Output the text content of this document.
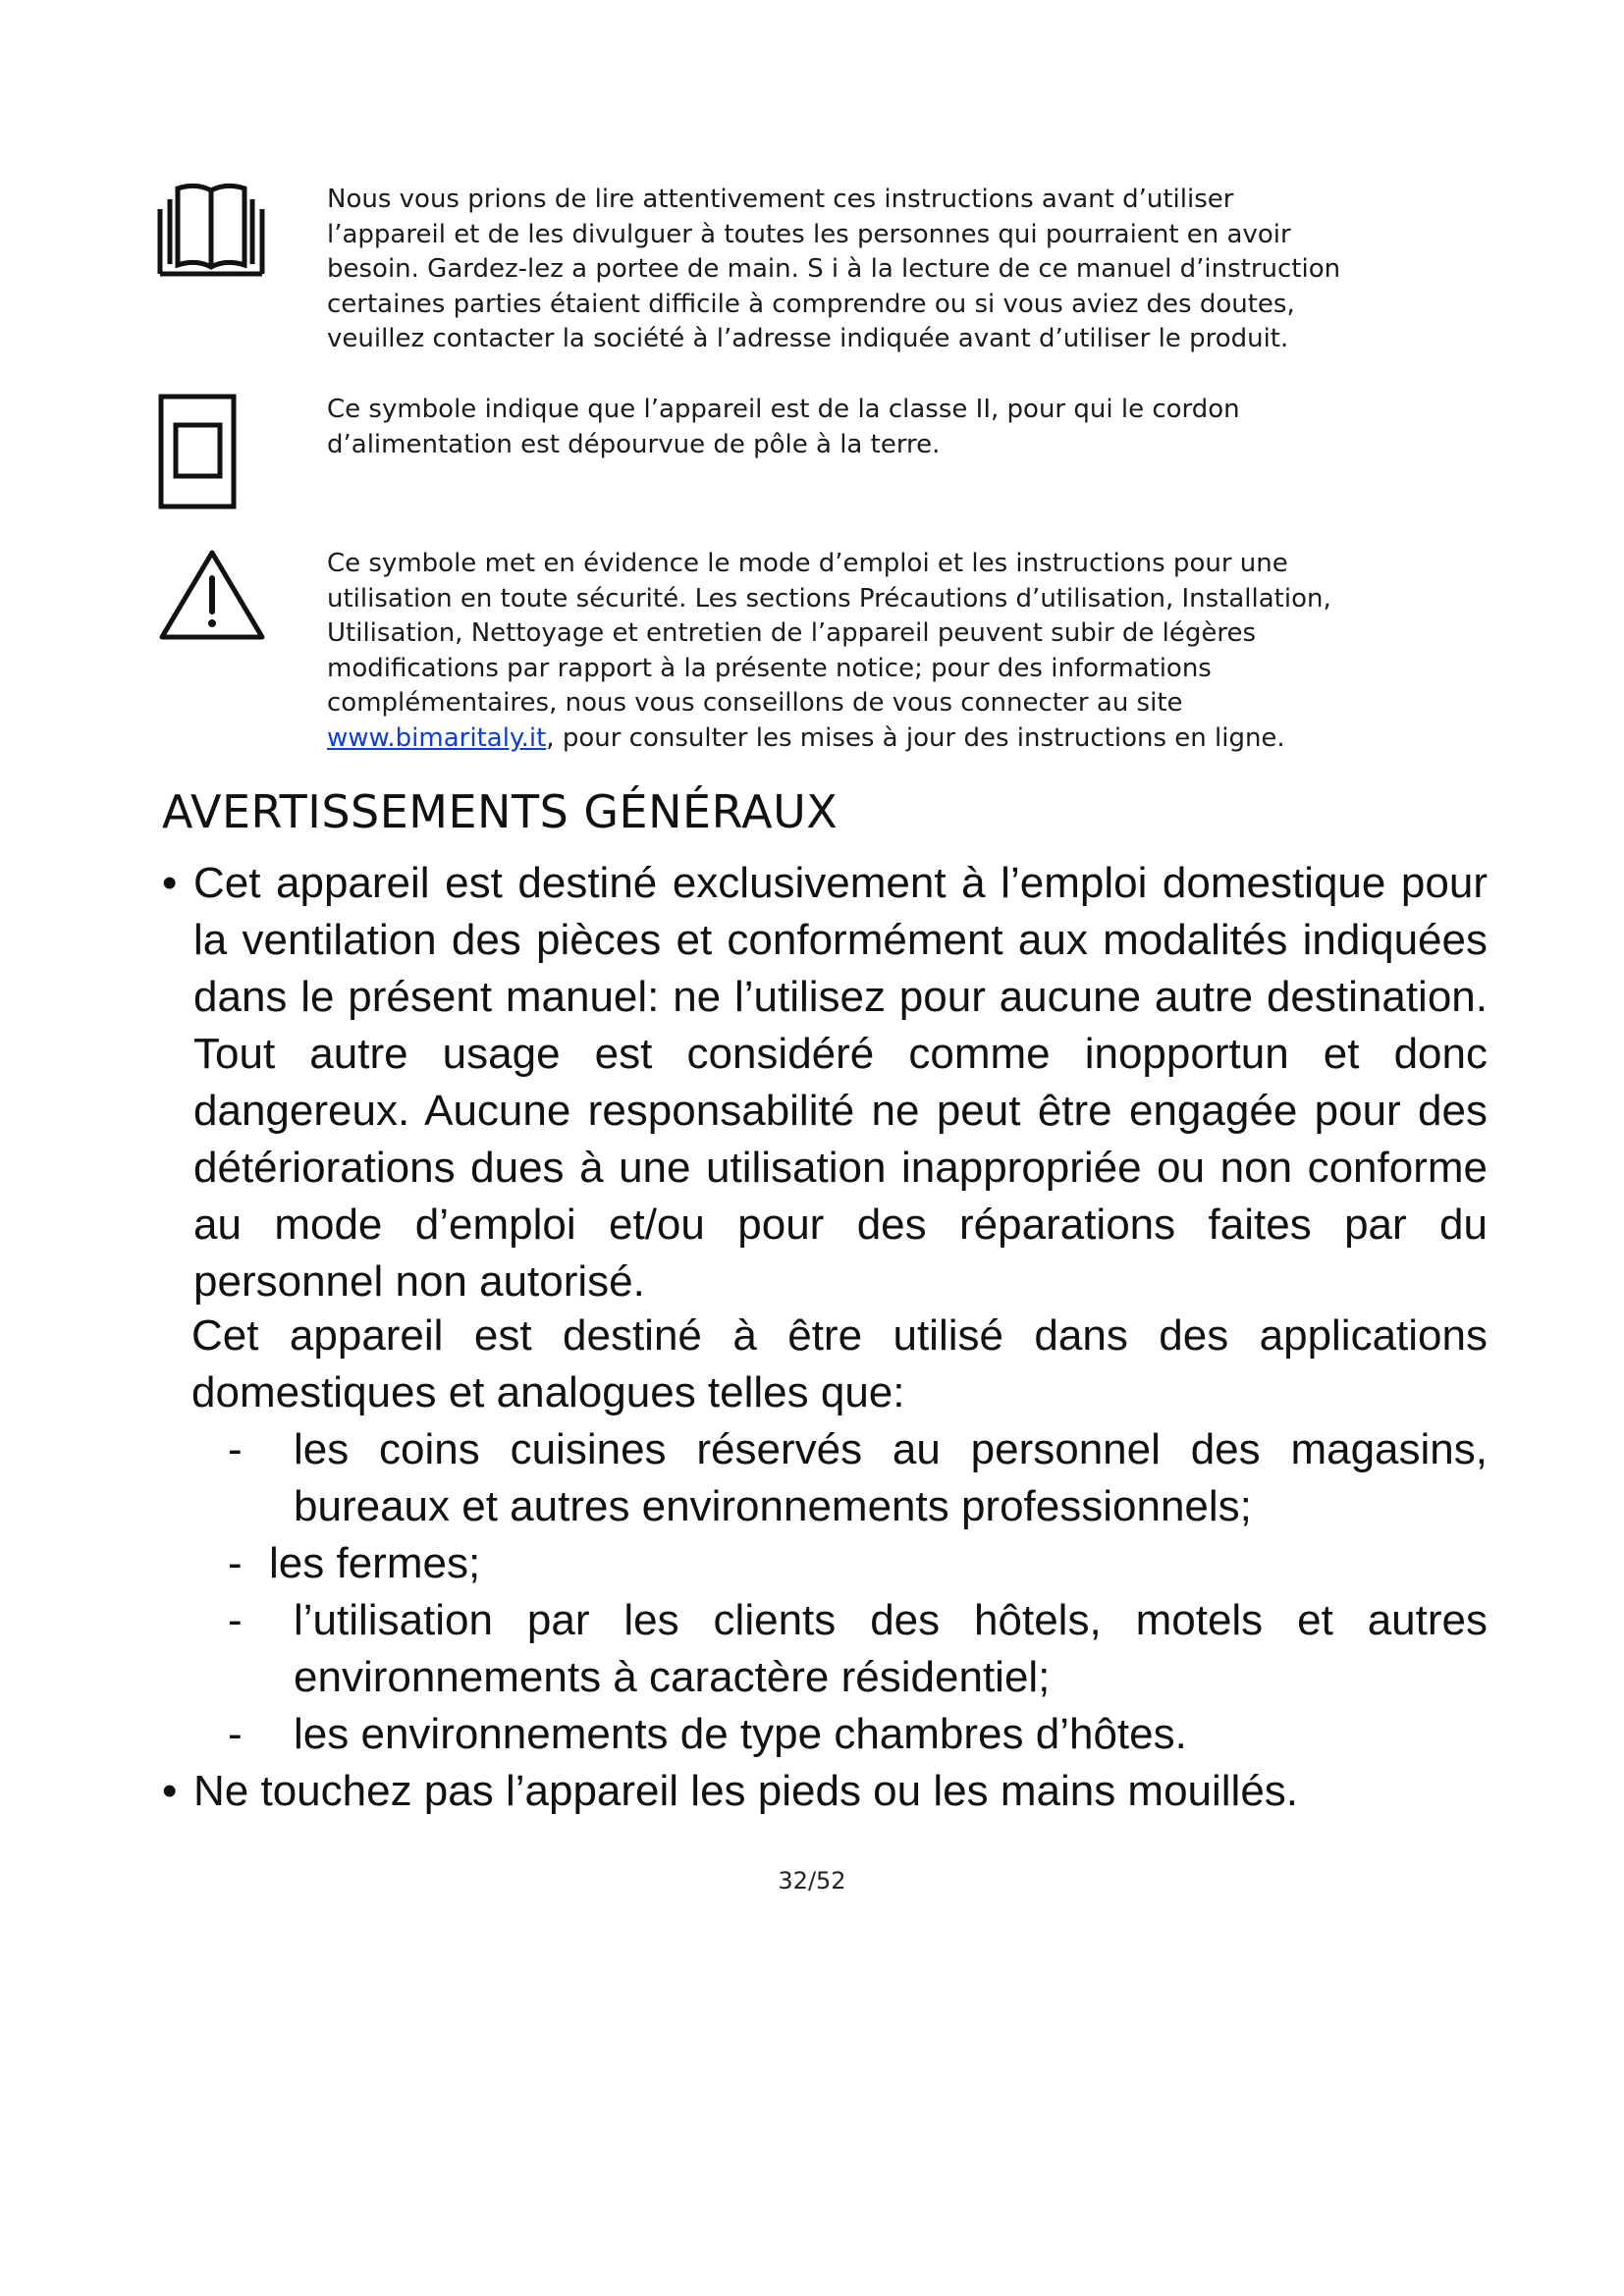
Nous vous prions de lire attentivement ces instructions avant d’utiliser

l’appareil et de les divulguer à toutes les personnes qui pourraient en avoir

besoin. Gardez-lez a portee de main. S i à la lecture de ce manuel d’instruction

certaines parties étaient difficile à comprendre ou si vous aviez des doutes,

veuillez contacter la société à l’adresse indiquée avant d’utiliser le produit.

Ce symbole indique que l’appareil est de la classe II, pour qui le cordon

d’alimentation est dépourvue de pôle à la terre.

Ce symbole met en évidence le mode d’emploi et les instructions pour une

utilisation en toute sécurité. Les sections Précautions d’utilisation, Installation,

Utilisation, Nettoyage et entretien de l’appareil peuvent subir de légères

modifications par rapport à la présente notice; pour des informations

complémentaires, nous vous conseillons de vous connecter au site

www.bimaritaly.it, pour consulter les mises à jour des instructions en ligne.

AVERTISSEMENTS GÉNÉRAUX
• Cet appareil est destiné exclusivement à l’emploi domestique pour la ventilation des pièces et conformément aux modalités indiquées dans le présent manuel: ne l’utilisez pour aucune autre destination. Tout autre usage est considéré comme inopportun et donc dangereux. Aucune responsabilité ne peut être engagée pour des détériorations dues à une utilisation inappropriée ou non conforme au mode d’emploi et/ou pour des réparations faites par du personnel non autorisé.

Cet appareil est destiné à être utilisé dans des applications domestiques et analogues telles que:

- les coins cuisines réservés au personnel des magasins, bureaux et autres environnements professionnels;

- les fermes;

- l’utilisation par les clients des hôtels, motels et autres environnements à caractère résidentiel;

- les environnements de type chambres d’hôtes.

• Ne touchez pas l’appareil les pieds ou les mains mouillés.

32/52
